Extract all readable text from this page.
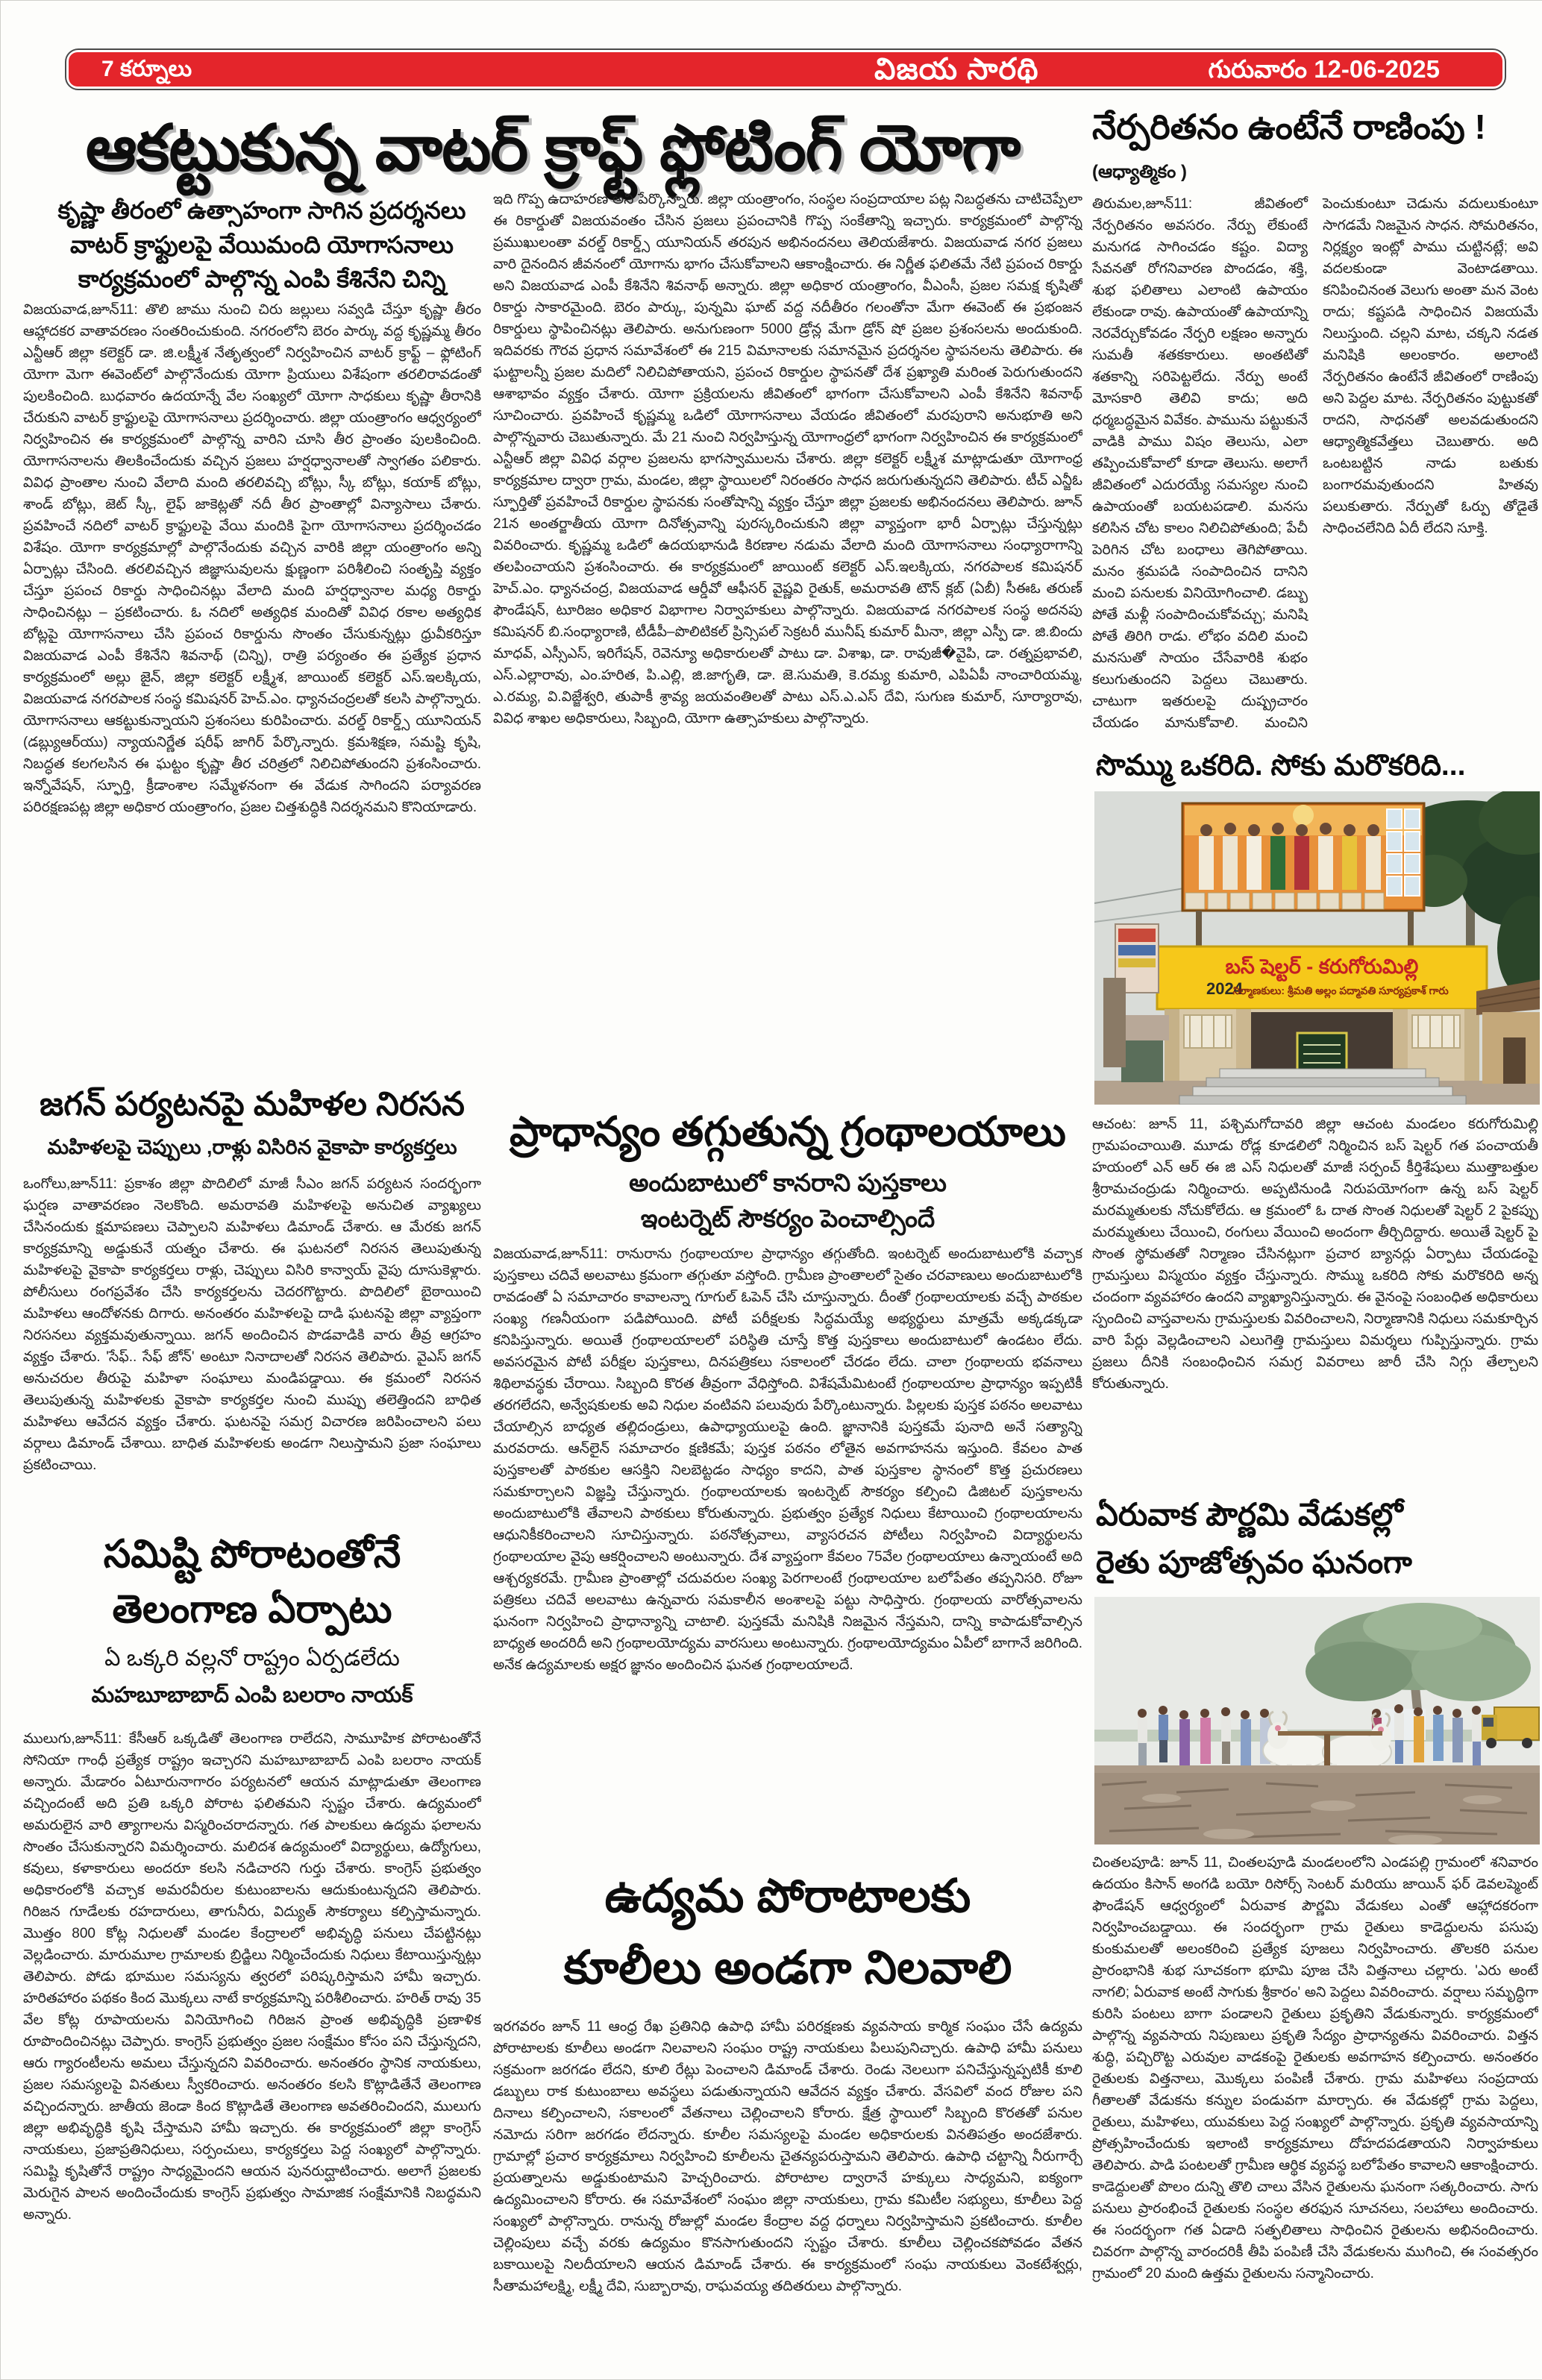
7 కర్నూలు	విజయ సారథి	గురువారం 12-06-2025
ఆకట్టుకున్న వాటర్ క్రాఫ్ట్ ఫ్లోటింగ్ యోగా
కృష్ణా తీరంలో ఉత్సాహంగా సాగిన ప్రదర్శనలు
వాటర్ క్రాఫ్టులపై వేయిమంది యోగాసనాలు
కార్యక్రమంలో పాల్గొన్న ఎంపి కేశినేని చిన్ని
విజయవాడ,జూన్11: తొలి జాము నుంచి చిరు జల్లులు సవ్వడి చేస్తూ కృష్ణా తీరం ఆహ్లాదకర వాతావరణం సంతరించుకుంది. నగరంలోని బెరం పార్కు వద్ద కృష్ణమ్మ తీరం ఎన్టీఆర్ జిల్లా కలెక్టర్ డా. జి.లక్ష్మీశ నేతృత్వంలో నిర్వహించిన వాటర్ క్రాఫ్ట్ – ఫ్లోటింగ్ యోగా మెగా ఈవెంట్‌లో పాల్గొనేందుకు యోగా ప్రియులు విశేషంగా తరలిరావడంతో పులకించింది. బుధవారం ఉదయాన్నే వేల సంఖ్యలో యోగా సాధకులు కృష్ణా తీరానికి చేరుకుని వాటర్ క్రాఫ్టులపై యోగాసనాలు ప్రదర్శించారు. జిల్లా యంత్రాంగం ఆధ్వర్యంలో నిర్వహించిన ఈ కార్యక్రమంలో పాల్గొన్న వారిని చూసి తీర ప్రాంతం పులకించింది. యోగాసనాలను తిలకించేందుకు వచ్చిన ప్రజలు హర్షధ్వానాలతో స్వాగతం పలికారు. వివిధ ప్రాంతాల నుంచి వేలాది మంది తరలివచ్చి బోట్లు, స్కీ బోట్లు, కయాక్ బోట్లు, శాండ్ బోట్లు, జెట్ స్కీ, లైఫ్ జాకెట్లతో నదీ తీర ప్రాంతాల్లో విన్యాసాలు చేశారు. ప్రవహించే నదిలో వాటర్ క్రాఫ్టులపై వేయి మందికి పైగా యోగాసనాలు ప్రదర్శించడం విశేషం. యోగా కార్యక్రమాల్లో పాల్గొనేందుకు వచ్చిన వారికి జిల్లా యంత్రాంగం అన్ని ఏర్పాట్లు చేసింది. తరలివచ్చిన జిజ్ఞాసువులను క్షుణ్ణంగా పరిశీలించి సంతృప్తి వ్యక్తం చేస్తూ ప్రపంచ రికార్డు సాధించినట్లు వేలాది మంది హర్షధ్వానాల మధ్య రికార్డు సాధించినట్లు – ప్రకటించారు. ఓ నదిలో అత్యధిక మందితో వివిధ రకాల అత్యధిక బోట్లపై యోగాసనాలు చేసి ప్రపంచ రికార్డును సొంతం చేసుకున్నట్లు ధ్రువీకరిస్తూ విజయవాడ ఎంపీ కేశినేని శివనాథ్ (చిన్ని), రాత్రి పర్యంతం ఈ ప్రత్యేక ప్రధాన కార్యక్రమంలో అల్లు జైన్, జిల్లా కలెక్టర్ లక్ష్మీశ, జాయింట్ కలెక్టర్ ఎస్.ఇలక్కియ, విజయవాడ నగరపాలక సంస్థ కమిషనర్ హెచ్.ఎం. ధ్యానచంద్రలతో కలసి పాల్గొన్నారు. యోగాసనాలు ఆకట్టుకున్నాయని ప్రశంసలు కురిపించారు. వరల్డ్ రికార్డ్స్ యూనియన్ (డబ్ల్యుఆర్‌యు) న్యాయనిర్ణేత షరీఫ్ జాగిర్ పేర్కొన్నారు. క్రమశిక్షణ, సమష్టి కృషి, నిబద్ధత కలగలసిన ఈ ఘట్టం కృష్ణా తీర చరిత్రలో నిలిచిపోతుందని ప్రశంసించారు. ఇన్నోవేషన్, స్ఫూర్తి, క్రీడాంశాల సమ్మేళనంగా ఈ వేడుక సాగిందని పర్యావరణ పరిరక్షణపట్ల జిల్లా అధికార యంత్రాంగం, ప్రజల చిత్తశుద్ధికి నిదర్శనమని కొనియాడారు.
ఇది గొప్ప ఉదాహరణ అని పేర్కొన్నారు. జిల్లా యంత్రాంగం, సంస్థల సంప్రదాయాల పట్ల నిబద్ధతను చాటిచెప్పేలా ఈ రికార్డుతో విజయవంతం చేసిన ప్రజలు ప్రపంచానికి గొప్ప సంకేతాన్ని ఇచ్చారు. కార్యక్రమంలో పాల్గొన్న ప్రముఖులంతా వరల్డ్ రికార్డ్స్ యూనియన్ తరపున అభినందనలు తెలియజేశారు. విజయవాడ నగర ప్రజలు వారి దైనందిన జీవనంలో యోగాను భాగం చేసుకోవాలని ఆకాంక్షించారు. ఈ నిర్ణీత ఫలితమే నేటి ప్రపంచ రికార్డు అని విజయవాడ ఎంపీ కేశినేని శివనాథ్ అన్నారు. జిల్లా అధికార యంత్రాంగం, వీఎంసీ, ప్రజల సమక్ష కృషితో రికార్డు సాకారమైంది. బెరం పార్కు, పున్నమి ఘాట్ వద్ద నదీతీరం గలంతోనా మేగా ఈవెంట్ ఈ ప్రభంజన రికార్డులు స్థాపించినట్లు తెలిపారు. అనుగుణంగా 5000 డ్రోన్ల మేగా డ్రోన్ షో ప్రజల ప్రశంసలను అందుకుంది. ఇదివరకు గౌరవ ప్రధాన సమావేశంలో ఈ 215 విమానాలకు సమానమైన ప్రదర్శనల స్థాపనలను తెలిపారు. ఈ ఘట్టాలన్నీ ప్రజల మదిలో నిలిచిపోతాయని, ప్రపంచ రికార్డుల స్థాపనతో దేశ ప్రఖ్యాతి మరింత పెరుగుతుందని ఆశాభావం వ్యక్తం చేశారు. యోగా ప్రక్రియలను జీవితంలో భాగంగా చేసుకోవాలని ఎంపీ కేశినేని శివనాథ్ సూచించారు. ప్రవహించే కృష్ణమ్మ ఒడిలో యోగాసనాలు వేయడం జీవితంలో మరపురాని అనుభూతి అని పాల్గొన్నవారు చెబుతున్నారు. మే 21 నుంచి నిర్వహిస్తున్న యోగాంధ్రలో భాగంగా నిర్వహించిన ఈ కార్యక్రమంలో ఎన్టీఆర్ జిల్లా వివిధ వర్గాల ప్రజలను భాగస్వాములను చేశారు. జిల్లా కలెక్టర్ లక్ష్మీశ మాట్లాడుతూ యోగాంధ్ర కార్యక్రమాల ద్వారా గ్రామ, మండల, జిల్లా స్థాయిలలో నిరంతరం సాధన జరుగుతున్నదని తెలిపారు. టీచ్ ఎన్జీఓ స్ఫూర్తితో ప్రవహించే రికార్డుల స్థాపనకు సంతోషాన్ని వ్యక్తం చేస్తూ జిల్లా ప్రజలకు అభినందనలు తెలిపారు. జూన్ 21న అంతర్జాతీయ యోగా దినోత్సవాన్ని పురస్కరించుకుని జిల్లా వ్యాప్తంగా భారీ ఏర్పాట్లు చేస్తున్నట్లు వివరించారు. కృష్ణమ్మ ఒడిలో ఉదయభానుడి కిరణాల నడుమ వేలాది మంది యోగాసనాలు సంధ్యారాగాన్ని తలపించాయని ప్రశంసించారు. ఈ కార్యక్రమంలో జాయింట్ కలెక్టర్ ఎస్.ఇలక్కియ, నగరపాలక కమిషనర్ హెచ్.ఎం. ధ్యానచంద్ర, విజయవాడ ఆర్డీవో ఆఫీసర్ వైష్ణవి రైతుక్, అమరావతి టౌన్ క్లబ్ (ఏబీ) సీఈఓ తరుణ్ ఫౌండేషన్, టూరిజం అధికార విభాగాల నిర్వాహకులు పాల్గొన్నారు. విజయవాడ నగరపాలక సంస్థ అదనపు కమిషనర్ బి.సంధ్యారాణి, టీడీపీ–పొలిటికల్ ప్రిన్సిపల్ సెక్రటరీ మునీష్ కుమార్ మీనా, జిల్లా ఎస్పీ డా. జి.బిందు మాధవ్, ఎస్సీఎస్, ఇరిగేషన్, రెవెన్యూ అధికారులతో పాటు డా. విశాఖ, డా. రావుజీ�వైపి, డా. రత్నప్రభావలి, ఎస్.ఎల్లారావు, ఎం.హరిత, పి.ఎల్లి, జి.జాగృతి, డా. జె.సుమతి, కె.రమ్య కుమారి, ఎపిఏపీ నాంచారియమ్మ, ఎ.రమ్య, వి.విజ్జేశ్వరి, తుపాకీ శ్రావ్య జయవంతిలతో పాటు ఎస్.ఎ.ఎస్ దేవి, సుగుణ కుమార్, సూర్యారావు, వివిధ శాఖల అధికారులు, సిబ్బంది, యోగా ఉత్సాహకులు పాల్గొన్నారు.
నేర్పరితనం ఉంటేనే రాణింపు !
(ఆధ్యాత్మికం )
తిరుమల,జూన్11: జీవితంలో నేర్పరితనం అవసరం. నేర్పు లేకుంటే మనుగడ సాగించడం కష్టం. విద్యా సేవనతో రోగనివారణ పొందడం, శక్తి, శుభ ఫలితాలు ఎలాంటి ఉపాయం లేకుండా రావు. ఉపాయంతో ఉపాయాన్ని నెరవేర్చుకోవడం నేర్పరి లక్షణం అన్నారు సుమతీ శతకకారులు. అంతటితో శతకాన్ని సరిపెట్టలేదు. నేర్పు అంటే మోసకారి తెలివి కాదు; అది ధర్మబద్ధమైన వివేకం. పామును పట్టుకునే వాడికి పాము విషం తెలుసు, ఎలా తప్పించుకోవాలో కూడా తెలుసు. అలాగే జీవితంలో ఎదురయ్యే సమస్యల నుంచి ఉపాయంతో బయటపడాలి. మనసు కలిసిన చోట కాలం నిలిచిపోతుంది; పేచీ పెరిగిన చోట బంధాలు తెగిపోతాయి. మనం శ్రమపడి సంపాదించిన దానిని మంచి పనులకు వినియోగించాలి. డబ్బు పోతే మళ్లీ సంపాదించుకోవచ్చు; మనిషి పోతే తిరిగి రాడు. లోభం వదిలి మంచి మనసుతో సాయం చేసేవారికి శుభం కలుగుతుందని పెద్దలు చెబుతారు. చాటుగా ఇతరులపై దుష్ప్రచారం చేయడం మానుకోవాలి. మంచిని పెంచుకుంటూ చెడును వదులుకుంటూ సాగడమే నిజమైన సాధన. సోమరితనం, నిర్లక్ష్యం ఇంట్లో పాము చుట్టినట్లే; అవి వదలకుండా వెంటాడతాయి. కనిపించినంత వెలుగు అంతా మన వెంట రాదు; కష్టపడి సాధించిన విజయమే నిలుస్తుంది. చల్లని మాట, చక్కని నడత మనిషికి అలంకారం. అలాంటి నేర్పరితనం ఉంటేనే జీవితంలో రాణింపు అని పెద్దల మాట. నేర్పరితనం పుట్టుకతో రాదని, సాధనతో అలవడుతుందని ఆధ్యాత్మికవేత్తలు చెబుతారు. అది ఒంటబట్టిన నాడు బతుకు బంగారమవుతుందని హితవు పలుకుతారు. నేర్పుతో ఓర్పు తోడైతే సాధించలేనిది ఏదీ లేదని సూక్తి.
సొమ్ము ఒకరిది. సోకు మరొకరిది...
బస్ షెల్టర్ - కరుగోరుమిల్లి
2024
నిర్మాణకులు: శ్రీమతి అల్లం పద్మావతి సూర్యప్రకాశ్ గారు
ఆచంట: జూన్ 11, పశ్చిమగోదావరి జిల్లా ఆచంట మండలం కరుగోరుమిల్లి గ్రామపంచాయితి. మూడు రోడ్ల కూడలిలో నిర్మించిన బస్ షెల్టర్ గత పంచాయతీ హయంలో ఎన్ ఆర్ ఈ జి ఎస్ నిధులతో మాజీ సర్పంచ్ కీర్తిశేషులు ముత్తాబత్తుల శ్రీరామచంద్రుడు నిర్మించారు. అప్పటినుండి నిరుపయోగంగా ఉన్న బస్ షెల్టర్ మరమ్మతులకు నోచుకోలేదు. ఆ క్రమంలో ఓ దాత సొంత నిధులతో షెల్టర్ 2 పైకప్పు మరమ్మతులు చేయించి, రంగులు వేయించి అందంగా తీర్చిదిద్దారు. అయితే షెల్టర్ పై సొంత స్థోమతతో నిర్మాణం చేసినట్లుగా ప్రచార బ్యానర్లు ఏర్పాటు చేయడంపై గ్రామస్తులు విస్మయం వ్యక్తం చేస్తున్నారు. సొమ్ము ఒకరిది సోకు మరొకరిది అన్న చందంగా వ్యవహారం ఉందని వ్యాఖ్యానిస్తున్నారు. ఈ వైనంపై సంబంధిత అధికారులు స్పందించి వాస్తవాలను గ్రామస్తులకు వివరించాలని, నిర్మాణానికి నిధులు సమకూర్చిన వారి పేర్లు వెల్లడించాలని ఎలుగెత్తి గ్రామస్తులు విమర్శలు గుప్పిస్తున్నారు. గ్రామ ప్రజలు దీనికి సంబంధించిన సమగ్ర వివరాలు జారీ చేసి నిగ్గు తేల్చాలని కోరుతున్నారు.
ఏరువాక పౌర్ణమి వేడుకల్లో
రైతు పూజోత్సవం ఘనంగా
చింతలపూడి: జూన్ 11, చింతలపూడి మండలంలోని ఎండపల్లి గ్రామంలో శనివారం ఉదయం కిసాన్ అంగడి బయో రిసోర్స్ సెంటర్ మరియు జాయిన్ ఫర్ డెవలప్మెంట్ ఫౌండేషన్ ఆధ్వర్యంలో ఏరువాక పౌర్ణమి వేడుకలు ఎంతో ఆహ్లాదకరంగా నిర్వహించబడ్డాయి. ఈ సందర్భంగా గ్రామ రైతులు కాడెద్దులను పసుపు కుంకుమలతో అలంకరించి ప్రత్యేక పూజలు నిర్వహించారు. తొలకరి పనుల ప్రారంభానికి శుభ సూచకంగా భూమి పూజ చేసి విత్తనాలు చల్లారు. 'ఎరు అంటే నాగలి; ఏరువాక అంటే సాగుకు శ్రీకారం' అని పెద్దలు వివరించారు. వర్షాలు సమృద్ధిగా కురిసి పంటలు బాగా పండాలని రైతులు ప్రకృతిని వేడుకున్నారు. కార్యక్రమంలో పాల్గొన్న వ్యవసాయ నిపుణులు ప్రకృతి సేద్యం ప్రాధాన్యతను వివరించారు. విత్తన శుద్ధి, పచ్చిరొట్ట ఎరువుల వాడకంపై రైతులకు అవగాహన కల్పించారు. అనంతరం రైతులకు విత్తనాలు, మొక్కలు పంపిణీ చేశారు. గ్రామ మహిళలు సంప్రదాయ గీతాలతో వేడుకను కన్నుల పండువగా మార్చారు. ఈ వేడుకల్లో గ్రామ పెద్దలు, రైతులు, మహిళలు, యువకులు పెద్ద సంఖ్యలో పాల్గొన్నారు. ప్రకృతి వ్యవసాయాన్ని ప్రోత్సహించేందుకు ఇలాంటి కార్యక్రమాలు దోహదపడతాయని నిర్వాహకులు తెలిపారు. పాడి పంటలతో గ్రామీణ ఆర్థిక వ్యవస్థ బలోపేతం కావాలని ఆకాంక్షించారు. కాడెద్దులతో పొలం దున్ని తొలి చాలు వేసిన రైతులను ఘనంగా సత్కరించారు. సాగు పనులు ప్రారంభించే రైతులకు సంస్థల తరఫున సూచనలు, సలహాలు అందించారు. ఈ సందర్భంగా గత ఏడాది సత్ఫలితాలు సాధించిన రైతులను అభినందించారు. చివరగా పాల్గొన్న వారందరికీ తీపి పంపిణీ చేసి వేడుకలను ముగించి, ఈ సంవత్సరం గ్రామంలో 20 మంది ఉత్తమ రైతులను సన్మానించారు.
జగన్ పర్యటనపై మహిళల నిరసన
మహిళలపై చెప్పులు ,రాళ్లు విసిరిన వైకాపా కార్యకర్తలు
ఒంగోలు,జూన్11: ప్రకాశం జిల్లా పొదిలిలో మాజీ సీఎం జగన్ పర్యటన సందర్భంగా ఘర్షణ వాతావరణం నెలకొంది. అమరావతి మహిళలపై అనుచిత వ్యాఖ్యలు చేసినందుకు క్షమాపణలు చెప్పాలని మహిళలు డిమాండ్ చేశారు. ఆ మేరకు జగన్ కార్యక్రమాన్ని అడ్డుకునే యత్నం చేశారు. ఈ ఘటనలో నిరసన తెలుపుతున్న మహిళలపై వైకాపా కార్యకర్తలు రాళ్లు, చెప్పులు విసిరి కాన్వాయ్ వైపు దూసుకెళ్లారు. పోలీసులు రంగప్రవేశం చేసి కార్యకర్తలను చెదరగొట్టారు. పొదిలిలో బైఠాయించి మహిళలు ఆందోళనకు దిగారు. అనంతరం మహిళలపై దాడి ఘటనపై జిల్లా వ్యాప్తంగా నిరసనలు వ్యక్తమవుతున్నాయి. జగన్ అందించిన పొడవాడికి వారు తీవ్ర ఆగ్రహం వ్యక్తం చేశారు. 'సేఫ్.. సేఫ్ జోన్' అంటూ నినాదాలతో నిరసన తెలిపారు. వైఎస్ జగన్ అనుచరుల తీరుపై మహిళా సంఘాలు మండిపడ్డాయి. ఈ క్రమంలో నిరసన తెలుపుతున్న మహిళలకు వైకాపా కార్యకర్తల నుంచి ముప్పు తలెత్తిందని బాధిత మహిళలు ఆవేదన వ్యక్తం చేశారు. ఘటనపై సమగ్ర విచారణ జరిపించాలని పలు వర్గాలు డిమాండ్ చేశాయి. బాధిత మహిళలకు అండగా నిలుస్తామని ప్రజా సంఘాలు ప్రకటించాయి.
సమిష్టి పోరాటంతోనే
తెలంగాణ ఏర్పాటు
ఏ ఒక్కరి వల్లనో రాష్ట్రం ఏర్పడలేదు
మహబూబాబాద్ ఎంపి బలరాం నాయక్
ములుగు,జూన్11: కేసీఆర్ ఒక్కడితో తెలంగాణ రాలేదని, సామూహిక పోరాటంతోనే సోనియా గాంధీ ప్రత్యేక రాష్ట్రం ఇచ్చారని మహబూబాబాద్ ఎంపి బలరాం నాయక్ అన్నారు. మేడారం ఏటూరునాగారం పర్యటనలో ఆయన మాట్లాడుతూ తెలంగాణ వచ్చిందంటే అది ప్రతి ఒక్కరి పోరాట ఫలితమని స్పష్టం చేశారు. ఉద్యమంలో అమరులైన వారి త్యాగాలను విస్మరించరాదన్నారు. గత పాలకులు ఉద్యమ ఫలాలను సొంతం చేసుకున్నారని విమర్శించారు. మలిదశ ఉద్యమంలో విద్యార్థులు, ఉద్యోగులు, కవులు, కళాకారులు అందరూ కలసి నడిచారని గుర్తు చేశారు. కాంగ్రెస్ ప్రభుత్వం అధికారంలోకి వచ్చాక అమరవీరుల కుటుంబాలను ఆదుకుంటున్నదని తెలిపారు. గిరిజన గూడేలకు రహదారులు, తాగునీరు, విద్యుత్ సౌకర్యాలు కల్పిస్తామన్నారు. మొత్తం 800 కోట్ల నిధులతో మండల కేంద్రాలలో అభివృద్ధి పనులు చేపట్టినట్లు వెల్లడించారు. మారుమూల గ్రామాలకు బ్రిడ్జిలు నిర్మించేందుకు నిధులు కేటాయిస్తున్నట్లు తెలిపారు. పోడు భూముల సమస్యను త్వరలో పరిష్కరిస్తామని హామీ ఇచ్చారు. హరితహారం పథకం కింద మొక్కలు నాటే కార్యక్రమాన్ని పరిశీలించారు. హరిత్ రావు 35 వేల కోట్ల రూపాయలను వినియోగించి గిరిజన ప్రాంత అభివృద్ధికి ప్రణాళిక రూపొందించినట్లు చెప్పారు. కాంగ్రెస్ ప్రభుత్వం ప్రజల సంక్షేమం కోసం పని చేస్తున్నదని, ఆరు గ్యారంటీలను అమలు చేస్తున్నదని వివరించారు. అనంతరం స్థానిక నాయకులు, ప్రజల సమస్యలపై వినతులు స్వీకరించారు. అనంతరం కలసి కొట్లాడితేనే తెలంగాణ వచ్చిందన్నారు. జాతీయ జెండా కింద కొట్లాడితే తెలంగాణ అవతరించిందని, ములుగు జిల్లా అభివృద్ధికి కృషి చేస్తామని హామీ ఇచ్చారు. ఈ కార్యక్రమంలో జిల్లా కాంగ్రెస్ నాయకులు, ప్రజాప్రతినిధులు, సర్పంచులు, కార్యకర్తలు పెద్ద సంఖ్యలో పాల్గొన్నారు. సమిష్టి కృషితోనే రాష్ట్రం సాధ్యమైందని ఆయన పునరుద్ఘాటించారు. అలాగే ప్రజలకు మెరుగైన పాలన అందించేందుకు కాంగ్రెస్ ప్రభుత్వం సామాజిక సంక్షేమానికి నిబద్ధమని అన్నారు.
ప్రాధాన్యం తగ్గుతున్న గ్రంథాలయాలు
అందుబాటులో కానరాని పుస్తకాలు
ఇంటర్నెట్ సౌకర్యం పెంచాల్సిందే
విజయవాడ,జూన్11: రానురాను గ్రంథాలయాల ప్రాధాన్యం తగ్గుతోంది. ఇంటర్నెట్ అందుబాటులోకి వచ్చాక పుస్తకాలు చదివే అలవాటు క్రమంగా తగ్గుతూ వస్తోంది. గ్రామీణ ప్రాంతాలలో సైతం చరవాణులు అందుబాటులోకి రావడంతో ఏ సమాచారం కావాలన్నా గూగుల్ ఓపెన్ చేసి చూస్తున్నారు. దీంతో గ్రంథాలయాలకు వచ్చే పాఠకుల సంఖ్య గణనీయంగా పడిపోయింది. పోటీ పరీక్షలకు సిద్ధమయ్యే అభ్యర్థులు మాత్రమే అక్కడక్కడా కనిపిస్తున్నారు. అయితే గ్రంథాలయాలలో పరిస్థితి చూస్తే కొత్త పుస్తకాలు అందుబాటులో ఉండటం లేదు. అవసరమైన పోటీ పరీక్షల పుస్తకాలు, దినపత్రికలు సకాలంలో చేరడం లేదు. చాలా గ్రంథాలయ భవనాలు శిథిలావస్థకు చేరాయి. సిబ్బంది కొరత తీవ్రంగా వేధిస్తోంది. విశేషమేమిటంటే గ్రంథాలయాల ప్రాధాన్యం ఇప్పటికీ తరగలేదని, అన్వేషకులకు అవి నిధుల వంటివని పలువురు పేర్కొంటున్నారు. పిల్లలకు పుస్తక పఠనం అలవాటు చేయాల్సిన బాధ్యత తల్లిదండ్రులు, ఉపాధ్యాయులపై ఉంది. జ్ఞానానికి పుస్తకమే పునాది అనే సత్యాన్ని మరవరాదు. ఆన్‌లైన్ సమాచారం క్షణికమే; పుస్తక పఠనం లోతైన అవగాహనను ఇస్తుంది. కేవలం పాత పుస్తకాలతో పాఠకుల ఆసక్తిని నిలబెట్టడం సాధ్యం కాదని, పాత పుస్తకాల స్థానంలో కొత్త ప్రచురణలు సమకూర్చాలని విజ్ఞప్తి చేస్తున్నారు. గ్రంథాలయాలకు ఇంటర్నెట్ సౌకర్యం కల్పించి డిజిటల్ పుస్తకాలను అందుబాటులోకి తేవాలని పాఠకులు కోరుతున్నారు. ప్రభుత్వం ప్రత్యేక నిధులు కేటాయించి గ్రంథాలయాలను ఆధునికీకరించాలని సూచిస్తున్నారు. పఠనోత్సవాలు, వ్యాసరచన పోటీలు నిర్వహించి విద్యార్థులను గ్రంథాలయాల వైపు ఆకర్షించాలని అంటున్నారు. దేశ వ్యాప్తంగా కేవలం 75వేల గ్రంథాలయాలు ఉన్నాయంటే అది ఆశ్చర్యకరమే. గ్రామీణ ప్రాంతాల్లో చదువరుల సంఖ్య పెరగాలంటే గ్రంథాలయాల బలోపేతం తప్పనిసరి. రోజూ పత్రికలు చదివే అలవాటు ఉన్నవారు సమకాలీన అంశాలపై పట్టు సాధిస్తారు. గ్రంథాలయ వారోత్సవాలను ఘనంగా నిర్వహించి ప్రాధాన్యాన్ని చాటాలి. పుస్తకమే మనిషికి నిజమైన నేస్తమని, దాన్ని కాపాడుకోవాల్సిన బాధ్యత అందరిదీ అని గ్రంథాలయోద్యమ వారసులు అంటున్నారు. గ్రంథాలయోద్యమం ఏపీలో బాగానే జరిగింది. అనేక ఉద్యమాలకు అక్షర జ్ఞానం అందించిన ఘనత గ్రంథాలయాలదే.
ఉద్యమ పోరాటాలకు
కూలీలు అండగా నిలవాలి
ఇరగవరం జూన్ 11 ఆంధ్ర రేఖ ప్రతినిధి ఉపాధి హామీ పరిరక్షణకు వ్యవసాయ కార్మిక సంఘం చేసే ఉద్యమ పోరాటాలకు కూలీలు అండగా నిలవాలని సంఘం రాష్ట్ర నాయకులు పిలుపునిచ్చారు. ఉపాధి హామీ పనులు సక్రమంగా జరగడం లేదని, కూలి రేట్లు పెంచాలని డిమాండ్ చేశారు. రెండు నెలలుగా పనిచేస్తున్నప్పటికీ కూలి డబ్బులు రాక కుటుంబాలు అవస్థలు పడుతున్నాయని ఆవేదన వ్యక్తం చేశారు. వేసవిలో వంద రోజుల పని దినాలు కల్పించాలని, సకాలంలో వేతనాలు చెల్లించాలని కోరారు. క్షేత్ర స్థాయిలో సిబ్బంది కొరతతో పనుల నమోదు సరిగా జరగడం లేదన్నారు. కూలీల సమస్యలపై మండల అధికారులకు వినతిపత్రం అందజేశారు. గ్రామాల్లో ప్రచార కార్యక్రమాలు నిర్వహించి కూలీలను చైతన్యపరుస్తామని తెలిపారు. ఉపాధి చట్టాన్ని నీరుగార్చే ప్రయత్నాలను అడ్డుకుంటామని హెచ్చరించారు. పోరాటాల ద్వారానే హక్కులు సాధ్యమని, ఐక్యంగా ఉద్యమించాలని కోరారు. ఈ సమావేశంలో సంఘం జిల్లా నాయకులు, గ్రామ కమిటీల సభ్యులు, కూలీలు పెద్ద సంఖ్యలో పాల్గొన్నారు. రానున్న రోజుల్లో మండల కేంద్రాల వద్ద ధర్నాలు నిర్వహిస్తామని ప్రకటించారు. కూలీల చెల్లింపులు వచ్చే వరకు ఉద్యమం కొనసాగుతుందని స్పష్టం చేశారు. కూలీలు చెల్లించకపోవడం వేతన బకాయిలపై నిలదీయాలని ఆయన డిమాండ్ చేశారు. ఈ కార్యక్రమంలో సంఘ నాయకులు వెంకటేశ్వర్లు, సీతామహాలక్ష్మి, లక్ష్మీ దేవి, సుబ్బారావు, రాఘవయ్య తదితరులు పాల్గొన్నారు.
